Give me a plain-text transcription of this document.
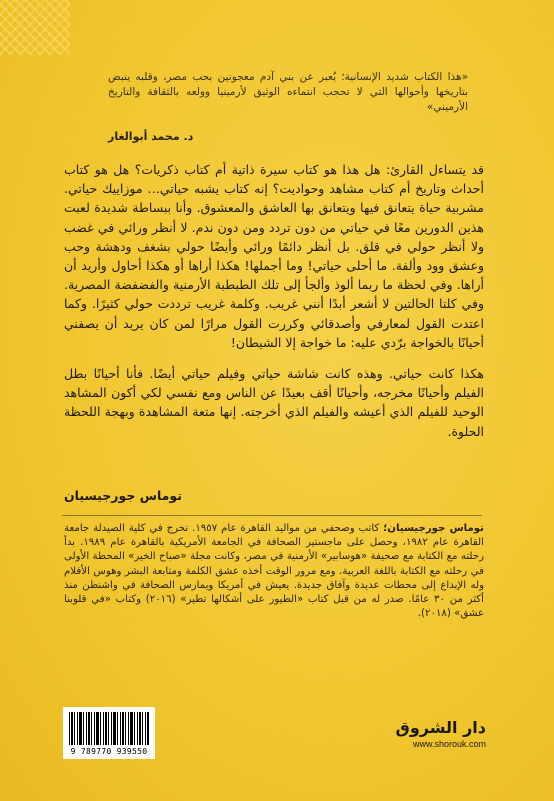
«هذا الكتاب شديد الإنسانية؛ يُعبر عن بني آدم معجونين بحب مصر، وقلبه ينبض بتاريخها وأحوالها التي لا تحجب انتماءه الوثيق لأرمينيا وولعه بالثقافة والتاريخ الأرميني»
د. محمد أبوالغار

قد يتساءل القارئ: هل هذا هو كتاب سيرة ذاتية أم كتاب ذكريات؟ هل هو كتاب أحداث وتاريخ أم كتاب مشاهد وحواديت؟ إنه كتاب يشبه حياتي… موزاييك حياتي. مشربية حياة يتعانق فيها ويتعانق بها العاشق والمعشوق. وأنا ببساطة شديدة لعبت هذين الدورين معًا في حياتي من دون تردد ومن دون ندم. لا أنظر ورائي في غضب ولا أنظر حولي في قلق. بل أنظر دائمًا ورائي وأيضًا حولي بشغف ودهشة وحب وعشق وود وألفة. ما أحلى حياتي! وما أجملها! هكذا أراها أو هكذا أحاول وأريد أن أراها. وفي لحظة ما ربما ألوذ وألجأ إلى تلك الطبطبة الأرمنية والفضفضة المصرية. وفي كلتا الحالتين لا أشعر أبدًا أنني غريب. وكلمة غريب ترددت حولي كثيرًا. وكما اعتدت القول لمعارفي وأصدقائي وكررت القول مرارًا لمن كان يريد أن يصفني أحيانًا بالخواجة برّدي عليه: ما خواجة إلا الشيطان!

هكذا كانت حياتي. وهذه كانت شاشة حياتي وفيلم حياتي أيضًا. فأنا أحيانًا بطل الفيلم وأحيانًا مخرجه، وأحيانًا أقف بعيدًا عن الناس ومع نفسي لكي أكون المشاهد الوحيد للفيلم الذي أعيشه والفيلم الذي أخرجته. إنها متعة المشاهدة وبهجة اللحظة الحلوة.

توماس جورجيسيان
توماس جورجيسيان؛ كاتب وصحفي من مواليد القاهرة عام ١٩٥٧. تخرج في كلية الصيدلة جامعة القاهرة عام ١٩٨٢، وحصل على ماجستير الصحافة في الجامعة الأمريكية بالقاهرة عام ١٩٨٩. بدأ رحلته مع الكتابة مع صحيفة «هوسابير» الأرمنية في مصر، وكانت مجلة «صباح الخير» المحطة الأولى في رحلته مع الكتابة باللغة العربية. ومع مرور الوقت أخذه عشق الكلمة ومتابعة البشر وهوس الأفلام وله الإبداع إلى محطات عديدة وآفاق جديدة. يعيش في أمريكا ويمارس الصحافة في واشنطن منذ أكثر من ٣٠ عامًا. صدر له من قبل كتاب «الطيور على أشكالها تطير» (٢٠١٦) وكتاب «في قلوبنا عشق» (٢٠١٨).
9 789770 939550
دار الشروق
www.shorouk.com
